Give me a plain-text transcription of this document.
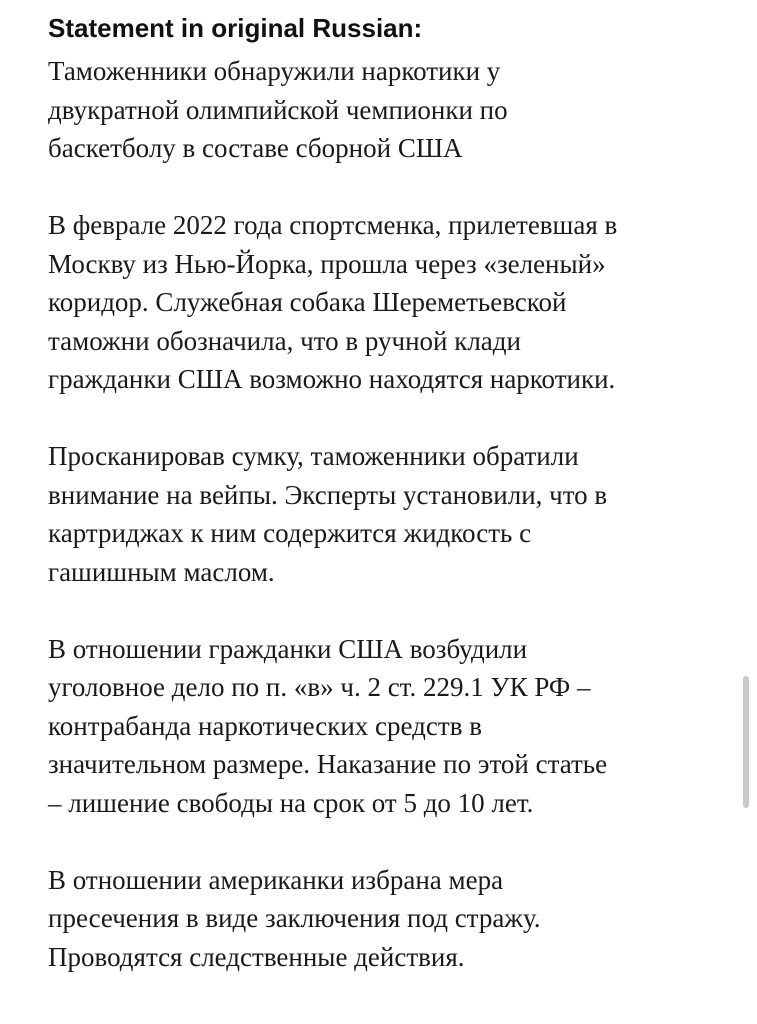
Statement in original Russian:

Таможенники обнаружили наркотики у
двукратной олимпийской чемпионки по
баскетболу в составе сборной США

В феврале 2022 года спортсменка, прилетевшая в
Москву из Нью-Йорка, прошла через «зеленый»
коридор. Служебная собака Шереметьевской
таможни обозначила, что в ручной клади
гражданки США возможно находятся наркотики.

Просканировав сумку, таможенники обратили
внимание на вейпы. Эксперты установили, что в
картриджах к ним содержится жидкость с
гашишным маслом.

В отношении гражданки США возбудили
уголовное дело по п. «в» ч. 2 ст. 229.1 УК РФ –
контрабанда наркотических средств в
значительном размере. Наказание по этой статье
– лишение свободы на срок от 5 до 10 лет.

В отношении американки избрана мера
пресечения в виде заключения под стражу.
Проводятся следственные действия.
